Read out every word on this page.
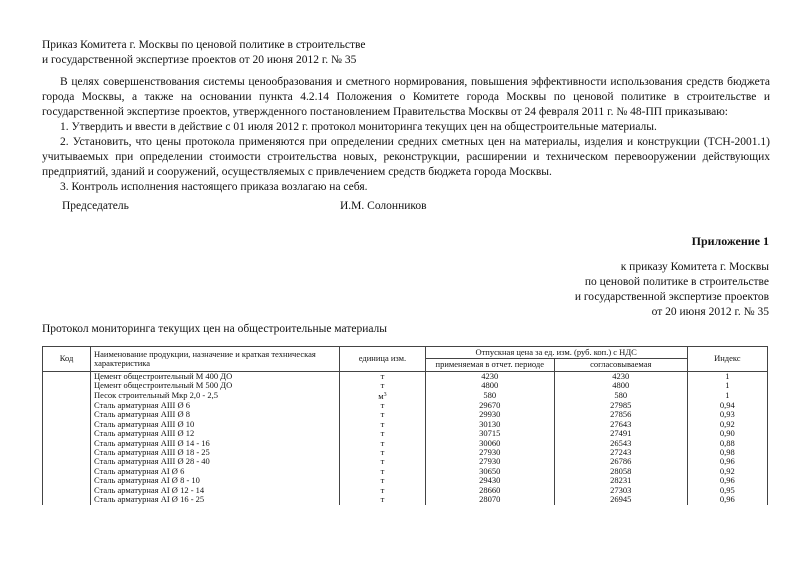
Приказ Комитета г. Москвы по ценовой политике в строительстве
и государственной экспертизе проектов от 20 июня 2012 г. № 35

В целях совершенствования системы ценообразования и сметного нормирования, повышения эффективности использования средств бюджета города Москвы, а также на основании пункта 4.2.14 Положения о Комитете города Москвы по ценовой политике в строительстве и государственной экспертизе проектов, утвержденного постановлением Правительства Москвы от 24 февраля 2011 г. № 48-ПП приказываю:

1. Утвердить и ввести в действие с 01 июля 2012 г. протокол мониторинга текущих цен на общестроительные материалы.

2. Установить, что цены протокола применяются при определении средних сметных цен на материалы, изделия и конструкции (ТСН-2001.1) учитываемых при определении стоимости строительства новых, реконструкции, расширении и техническом перевооружении действующих предприятий, зданий и сооружений, осуществляемых с привлечением средств бюджета города Москвы.

3. Контроль исполнения настоящего приказа возлагаю на себя.

Председатель	И.М. Солонников
Приложение 1
к приказу Комитета г. Москвы
по ценовой политике в строительстве
и государственной экспертизе проектов
от 20 июня 2012 г. № 35
Протокол мониторинга текущих цен на общестроительные материалы
Код	Наименование продукции, назначение и краткая техническая характеристика	единица изм.	Отпускная цена за ед. изм. (руб. коп.) с НДС		Индекс
			применяемая в отчет. периоде	согласовываемая	
	Цемент общестроительный М 400 ДО	т	4230	4230	1
	Цемент общестроительный М 500 ДО	т	4800	4800	1
	Песок строительный Мкр 2,0 - 2,5	$м^3$	580	580	1
	Сталь арматурная АIII Ø 6	т	29670	27985	0,94
	Сталь арматурная АIII Ø 8	т	29930	27856	0,93
	Сталь арматурная АIII Ø 10	т	30130	27643	0,92
	Сталь арматурная АIII Ø 12	т	30715	27491	0,90
	Сталь арматурная АIII Ø 14 - 16	т	30060	26543	0,88
	Сталь арматурная АIII Ø 18 - 25	т	27930	27243	0,98
	Сталь арматурная АIII Ø 28 - 40	т	27930	26786	0,96
	Сталь арматурная АI Ø 6	т	30650	28058	0,92
	Сталь арматурная АI Ø 8 - 10	т	29430	28231	0,96
	Сталь арматурная АI Ø 12 - 14	т	28660	27303	0,95
	Сталь арматурная АI Ø 16 - 25	т	28070	26945	0,96
